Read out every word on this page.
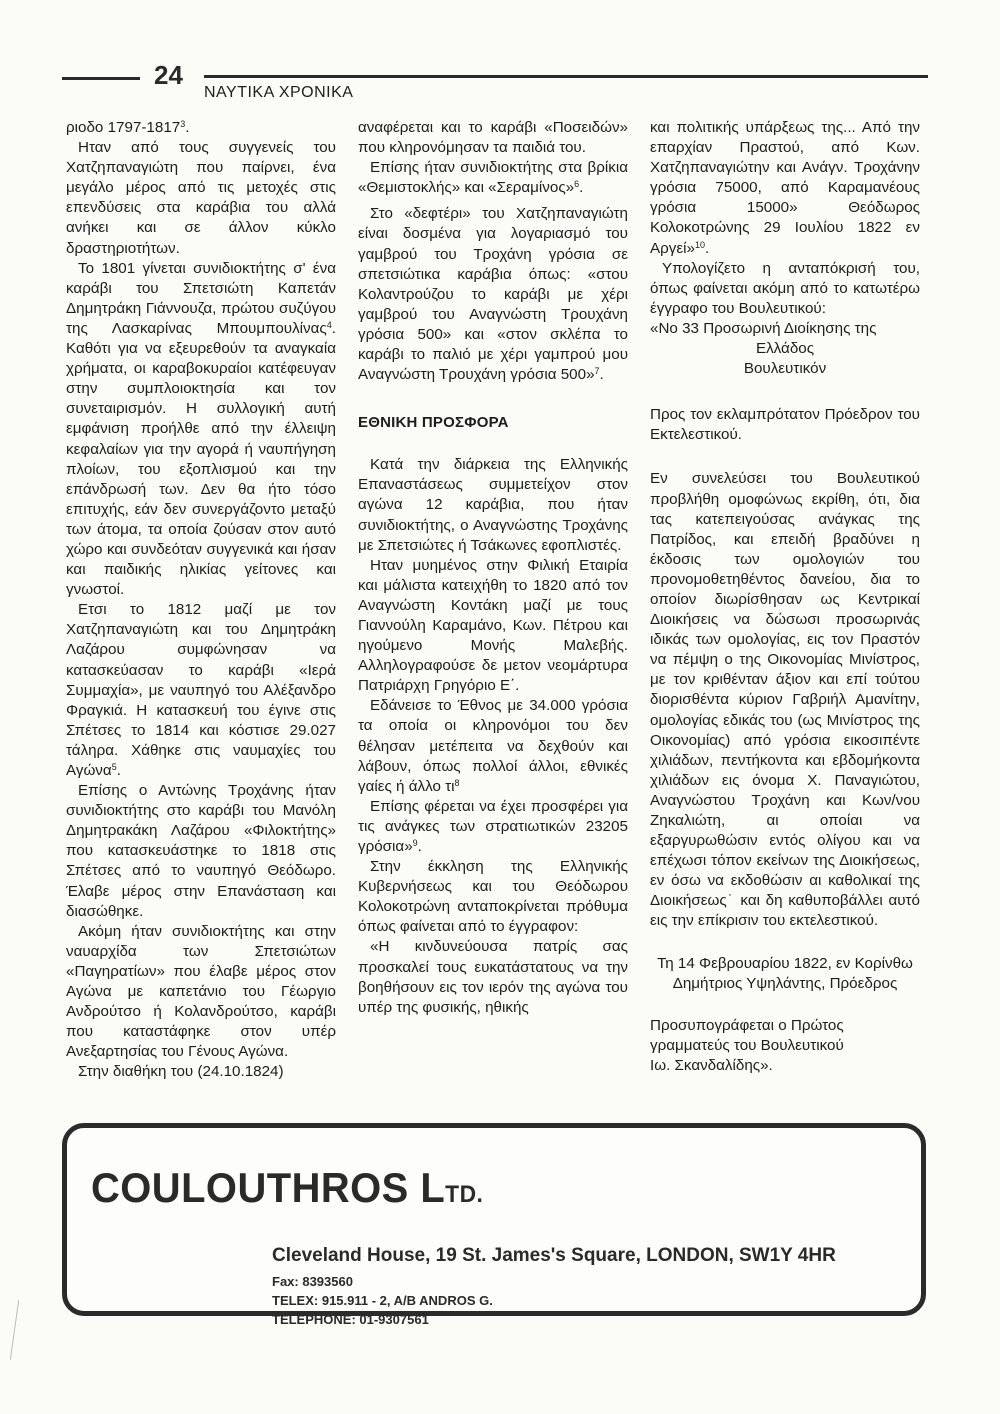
24
ΝΑΥΤΙΚΑ ΧΡΟΝΙΚΑ

ριοδο 1797-1817$^3$.

Ηταν από τους συγγενείς του Χατζηπαναγιώτη που παίρνει, ένα μεγάλο μέρος από τις μετοχές στις επενδύσεις στα καράβια του αλλά ανήκει και σε άλλον κύκλο δραστηριοτήτων.

Το 1801 γίνεται συνιδιοκτήτης σ' ένα καράβι του Σπετσιώτη Καπετάν Δημητράκη Γιάννουζα, πρώτου συζύγου της Λασκαρίνας Μπουμπουλίνας$^4$. Καθότι για να εξευρεθούν τα αναγκαία χρήματα, οι καραβοκυραίοι κατέφευγαν στην συμπλοιοκτησία και τον συνεταιρισμόν. Η συλλογική αυτή εμφάνιση προήλθε από την έλλειψη κεφαλαίων για την αγορά ή ναυπήγηση πλοίων, του εξοπλισμού και την επάνδρωσή των. Δεν θα ήτο τόσο επιτυχής, εάν δεν συνεργάζοντο μεταξύ των άτομα, τα οποία ζούσαν στον αυτό χώρο και συνδεόταν συγγενικά και ήσαν και παιδικής ηλικίας γείτονες και γνωστοί.

Ετσι το 1812 μαζί με τον Χατζηπαναγιώτη και του Δημητράκη Λαζάρου συμφώνησαν να κατασκεύασαν το καράβι «Ιερά Συμμαχία», με ναυπηγό του Αλέξανδρο Φραγκιά. Η κατασκευή του έγινε στις Σπέτσες το 1814 και κόστισε 29.027 τάληρα. Χάθηκε στις ναυμαχίες του Αγώνα$^5$.

Επίσης ο Αντώνης Τροχάνης ήταν συνιδιοκτήτης στο καράβι του Μανόλη Δημητρακάκη Λαζάρου «Φιλοκτήτης» που κατασκευάστηκε το 1818 στις Σπέτσες από το ναυπηγό Θεόδωρο. Έλαβε μέρος στην Επανάσταση και διασώθηκε.

Ακόμη ήταν συνιδιοκτήτης και στην ναυαρχίδα των Σπετσιώτων «Παγηρατίων» που έλαβε μέρος στον Αγώνα με καπετάνιο του Γέωργιο Ανδρούτσο ή Κολανδρούτσο, καράβι που καταστάφηκε στον υπέρ Ανεξαρτησίας του Γένους Αγώνα.

Στην διαθήκη του (24.10.1824)

αναφέρεται και το καράβι «Ποσειδών» που κληρονόμησαν τα παιδιά του.

Επίσης ήταν συνιδιοκτήτης στα βρίκια «Θεμιστοκλής» και «Σεραμίνος»$^6$.

Στο «δεφτέρι» του Χατζηπαναγιώτη είναι δοσμένα για λογαριασμό του γαμβρού του Τροχάνη γρόσια σε σπετσιώτικα καράβια όπως: «στου Κολαντρούζου το καράβι με χέρι γαμβρού του Αναγνώστη Τρουχάνη γρόσια 500» και «στον σκλέπα το καράβι το παλιό με χέρι γαμπρού μου Αναγνώστη Τρουχάνη γρόσια 500»$^7$.

ΕΘΝΙΚΗ ΠΡΟΣΦΟΡΑ

Κατά την διάρκεια της Ελληνικής Επαναστάσεως συμμετείχον στον αγώνα 12 καράβια, που ήταν συνιδιοκτήτης, ο Αναγνώστης Τροχάνης με Σπετσιώτες ή Τσάκωνες εφοπλιστές.

Ηταν μυημένος στην Φιλική Εταιρία και μάλιστα κατειχήθη το 1820 από τον Αναγνώστη Κοντάκη μαζί με τους Γιαννούλη Καραμάνο, Κων. Πέτρου και ηγούμενο Μονής Μαλεβής. Αλληλογραφούσε δε μετον νεομάρτυρα Πατριάρχη Γρηγόριο Ε΄.

Εδάνεισε το Έθνος με 34.000 γρόσια τα οποία οι κληρονόμοι του δεν θέλησαν μετέπειτα να δεχθούν και λάβουν, όπως πολλοί άλλοι, εθνικές γαίες ή άλλο $\tau\iota^8$

Επίσης φέρεται να έχει προσφέρει για τις ανάγκες των στρατιωτικών 23205 γρόσια»$^9$.

Στην έκκληση της Ελληνικής Κυβερνήσεως και του Θεόδωρου Κολοκοτρώνη ανταποκρίνεται πρόθυμα όπως φαίνεται από το έγγραφον:

«Η κινδυνεύουσα πατρίς σας προσκαλεί τους ευκατάστατους να την βοηθήσουν εις τον ιερόν της αγώνα του υπέρ της φυσικής, ηθικής

και πολιτικής υπάρξεως της... Από την επαρχίαν Πραστού, από Κων. Χατζηπαναγιώτην και Ανάγν. Τροχάνην γρόσια 75000, από Καραμανέους γρόσια 15000» Θεόδωρος Κολοκοτρώνης 29 Ιουλίου 1822 εν Αργεί»$^{10}$.

Υπολογίζετο η ανταπόκρισή του, όπως φαίνεται ακόμη από το κατωτέρω έγγραφο του Βουλευτικού:

«Νο 33 Προσωρινή Διοίκησης της

Ελλάδος

Βουλευτικόν

Προς τον εκλαμπρότατον Πρόεδρον του Εκτελεστικού.

Εν συνελεύσει του Βουλευτικού προβλήθη ομοφώνως εκρίθη, ότι, δια τας κατεπειγούσας ανάγκας της Πατρίδος, και επειδή βραδύνει η έκδοσις των ομολογιών του προνομοθετηθέντος δανείου, δια το οποίον διωρίσθησαν ως Κεντρικαί Διοικήσεις να δώσωσι προσωρινάς ιδικάς των ομολογίας, εις τον Πραστόν να πέμψη ο της Οικονομίας Μινίστρος, με τον κριθένταν άξιον και επί τούτου διορισθέντα κύριον Γαβριήλ Αμανίτην, ομολογίας εδικάς του (ως Μινίστρος της Οικονομίας) από γρόσια εικοσιπέντε χιλιάδων, πεντήκοντα και εβδομήκοντα χιλιάδων εις όνομα Χ. Παναγιώτου, Αναγνώστου Τροχάνη και Κων/νου Ζηκαλιώτη, αι οποίαι να εξαργυρωθώσιν εντός ολίγου και να επέχωσι τόπον εκείνων της Διοικήσεως, εν όσω να εκδοθώσιν αι καθολικαί της Διοικήσεως˙ και δη καθυποβάλλει αυτό εις την επίκρισιν του εκτελεστικού.

Τη 14 Φεβρουαρίου 1822, εν Κορίνθω

Δημήτριος Υψηλάντης, Πρόεδρος

Προσυπογράφεται ο Πρώτος γραμματεύς του Βουλευτικού

Ιω. Σκανδαλίδης».

COULOUTHROS LTD.
Cleveland House, 19 St. James's Square, LONDON, SW1Y 4HR
Fax: 8393560
TELEX: 915.911 - 2, A/B ANDROS G.
TELEPHONE: 01-9307561
